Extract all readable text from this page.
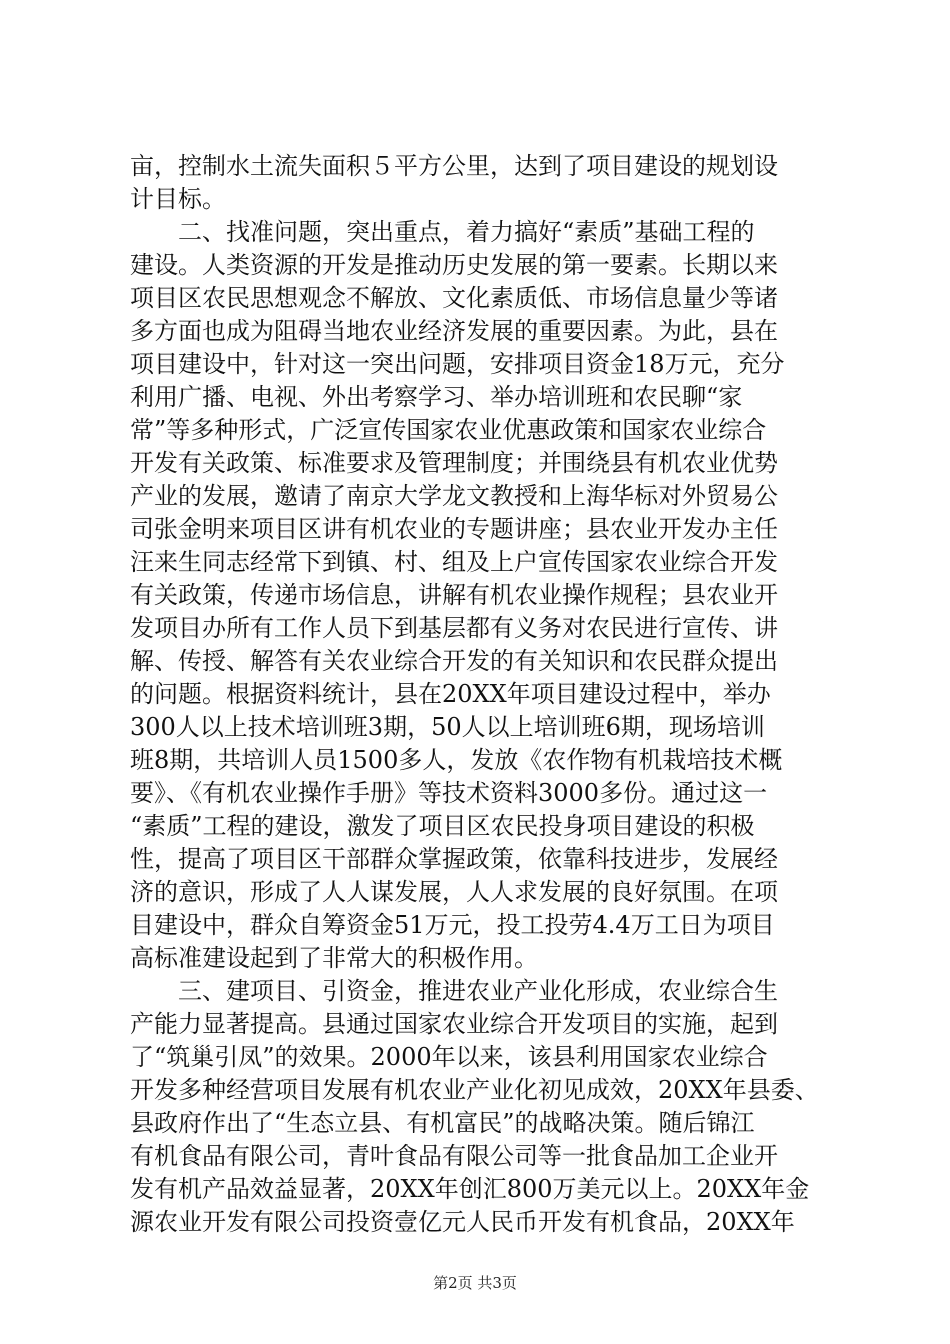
亩，控制水土流失面积５平方公里，达到了项目建设的规划设
计目标。
　　二、找准问题，突出重点，着力搞好“素质”基础工程的
建设。人类资源的开发是推动历史发展的第一要素。长期以来
项目区农民思想观念不解放、文化素质低、市场信息量少等诸
多方面也成为阻碍当地农业经济发展的重要因素。为此，县在
项目建设中，针对这一突出问题，安排项目资金18万元，充分
利用广播、电视、外出考察学习、举办培训班和农民聊“家
常”等多种形式，广泛宣传国家农业优惠政策和国家农业综合
开发有关政策、标准要求及管理制度；并围绕县有机农业优势
产业的发展，邀请了南京大学龙文教授和上海华标对外贸易公
司张金明来项目区讲有机农业的专题讲座；县农业开发办主任
汪来生同志经常下到镇、村、组及上户宣传国家农业综合开发
有关政策，传递市场信息，讲解有机农业操作规程；县农业开
发项目办所有工作人员下到基层都有义务对农民进行宣传、讲
解、传授、解答有关农业综合开发的有关知识和农民群众提出
的问题。根据资料统计，县在20XX年项目建设过程中，举办
300人以上技术培训班3期，50人以上培训班6期，现场培训
班8期，共培训人员1500多人，发放《农作物有机栽培技术概
要》、《有机农业操作手册》等技术资料3000多份。通过这一
“素质”工程的建设，激发了项目区农民投身项目建设的积极
性，提高了项目区干部群众掌握政策，依靠科技进步，发展经
济的意识，形成了人人谋发展，人人求发展的良好氛围。在项
目建设中，群众自筹资金51万元，投工投劳4.4万工日为项目
高标准建设起到了非常大的积极作用。
　　三、建项目、引资金，推进农业产业化形成，农业综合生
产能力显著提高。县通过国家农业综合开发项目的实施，起到
了“筑巢引凤”的效果。2000年以来，该县利用国家农业综合
开发多种经营项目发展有机农业产业化初见成效，20XX年县委、
县政府作出了“生态立县、有机富民”的战略决策。随后锦江
有机食品有限公司，青叶食品有限公司等一批食品加工企业开
发有机产品效益显著，20XX年创汇800万美元以上。20XX年金
源农业开发有限公司投资壹亿元人民币开发有机食品，20XX年
第2页 共3页
